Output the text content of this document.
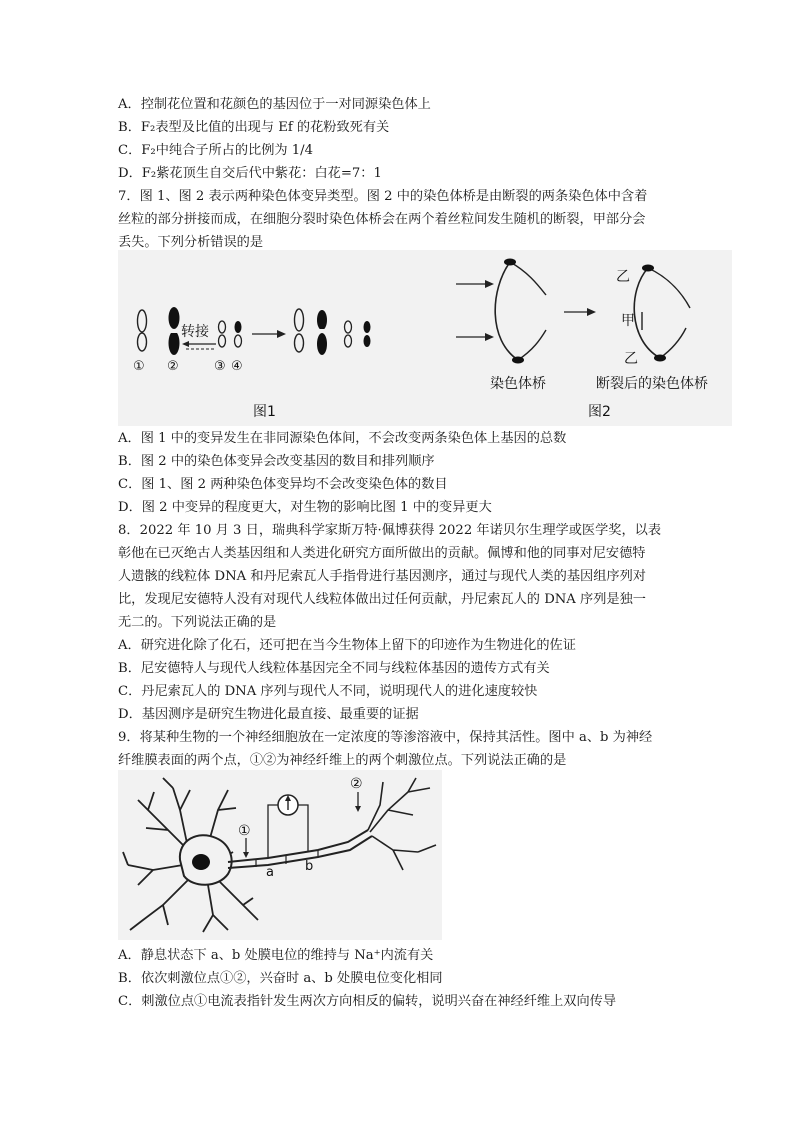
A．控制花位置和花颜色的基因位于一对同源染色体上
B．F₂表型及比值的出现与 Ef 的花粉致死有关
C．F₂中纯合子所占的比例为 1/4
D．F₂紫花顶生自交后代中紫花：白花=7：1
7．图 1、图 2 表示两种染色体变异类型。图 2 中的染色体桥是由断裂的两条染色体中含着
丝粒的部分拼接而成，在细胞分裂时染色体桥会在两个着丝粒间发生随机的断裂，甲部分会
丢失。下列分析错误的是
转接
① ②	③ ④
图1
染色体桥
乙
甲
乙
断裂后的染色体桥
图2
A．图 1 中的变异发生在非同源染色体间，不会改变两条染色体上基因的总数
B．图 2 中的染色体变异会改变基因的数目和排列顺序
C．图 1、图 2 两种染色体变异均不会改变染色体的数目
D．图 2 中变异的程度更大，对生物的影响比图 1 中的变异更大
8．2022 年 10 月 3 日，瑞典科学家斯万特·佩博获得 2022 年诺贝尔生理学或医学奖，以表
彰他在已灭绝古人类基因组和人类进化研究方面所做出的贡献。佩博和他的同事对尼安德特
人遗骸的线粒体 DNA 和丹尼索瓦人手指骨进行基因测序，通过与现代人类的基因组序列对
比，发现尼安德特人没有对现代人线粒体做出过任何贡献，丹尼索瓦人的 DNA 序列是独一
无二的。下列说法正确的是
A．研究进化除了化石，还可把在当今生物体上留下的印迹作为生物进化的佐证
B．尼安德特人与现代人线粒体基因完全不同与线粒体基因的遗传方式有关
C．丹尼索瓦人的 DNA 序列与现代人不同，说明现代人的进化速度较快
D．基因测序是研究生物进化最直接、最重要的证据
9．将某种生物的一个神经细胞放在一定浓度的等渗溶液中，保持其活性。图中 a、b 为神经
纤维膜表面的两个点，①②为神经纤维上的两个刺激位点。下列说法正确的是
①
②
a b
A．静息状态下 a、b 处膜电位的维持与 Na⁺内流有关
B．依次刺激位点①②，兴奋时 a、b 处膜电位变化相同
C．刺激位点①电流表指针发生两次方向相反的偏转，说明兴奋在神经纤维上双向传导
